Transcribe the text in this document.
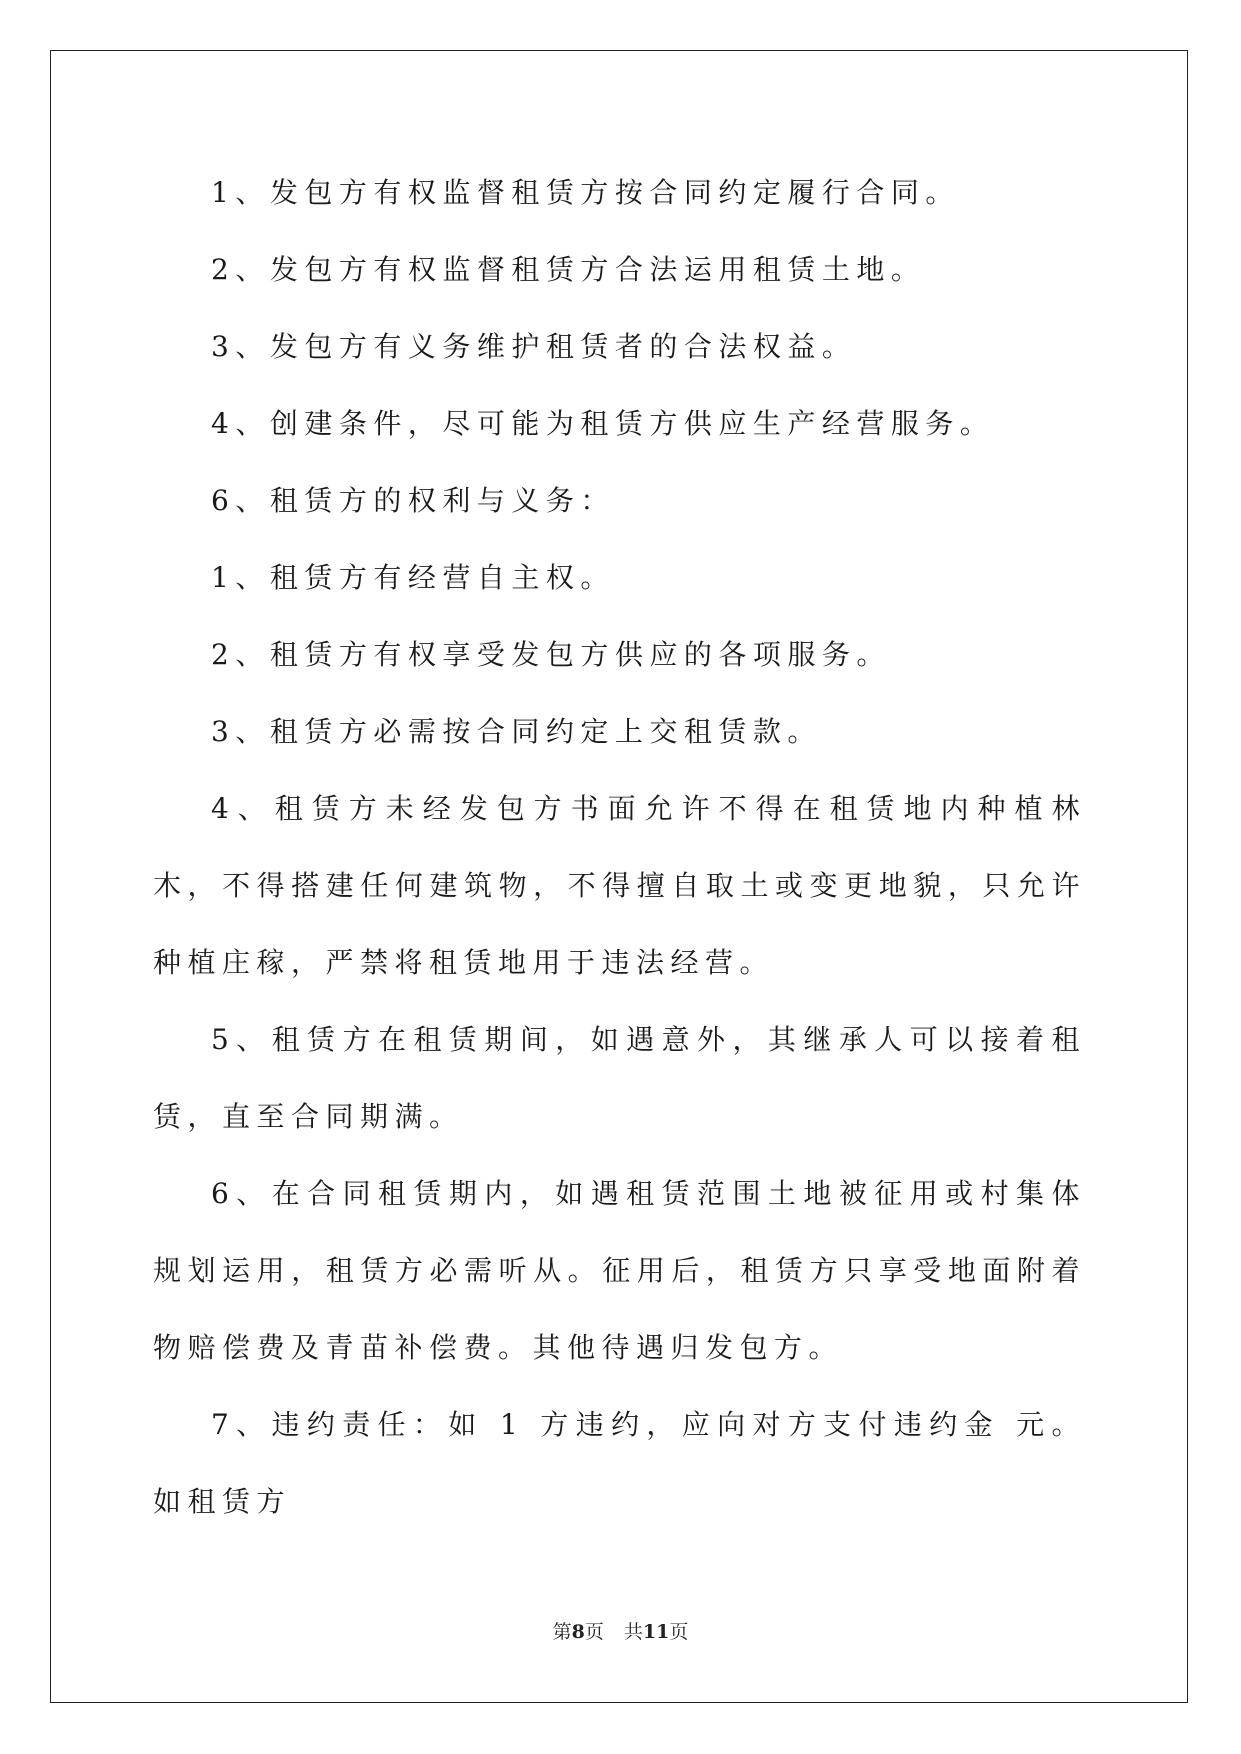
1、发包方有权监督租赁方按合同约定履行合同。

2、发包方有权监督租赁方合法运用租赁土地。

3、发包方有义务维护租赁者的合法权益。

4、创建条件，尽可能为租赁方供应生产经营服务。

6、租赁方的权利与义务：

1、租赁方有经营自主权。

2、租赁方有权享受发包方供应的各项服务。

3、租赁方必需按合同约定上交租赁款。

4、租赁方未经发包方书面允许不得在租赁地内种植林木，不得搭建任何建筑物，不得擅自取土或变更地貌，只允许种植庄稼，严禁将租赁地用于违法经营。

5、租赁方在租赁期间，如遇意外，其继承人可以接着租赁，直至合同期满。

6、在合同租赁期内，如遇租赁范围土地被征用或村集体规划运用，租赁方必需听从。征用后，租赁方只享受地面附着物赔偿费及青苗补偿费。其他待遇归发包方。

7、违约责任：如 1 方违约，应向对方支付违约金 元。如租赁方

第8页 共11页
